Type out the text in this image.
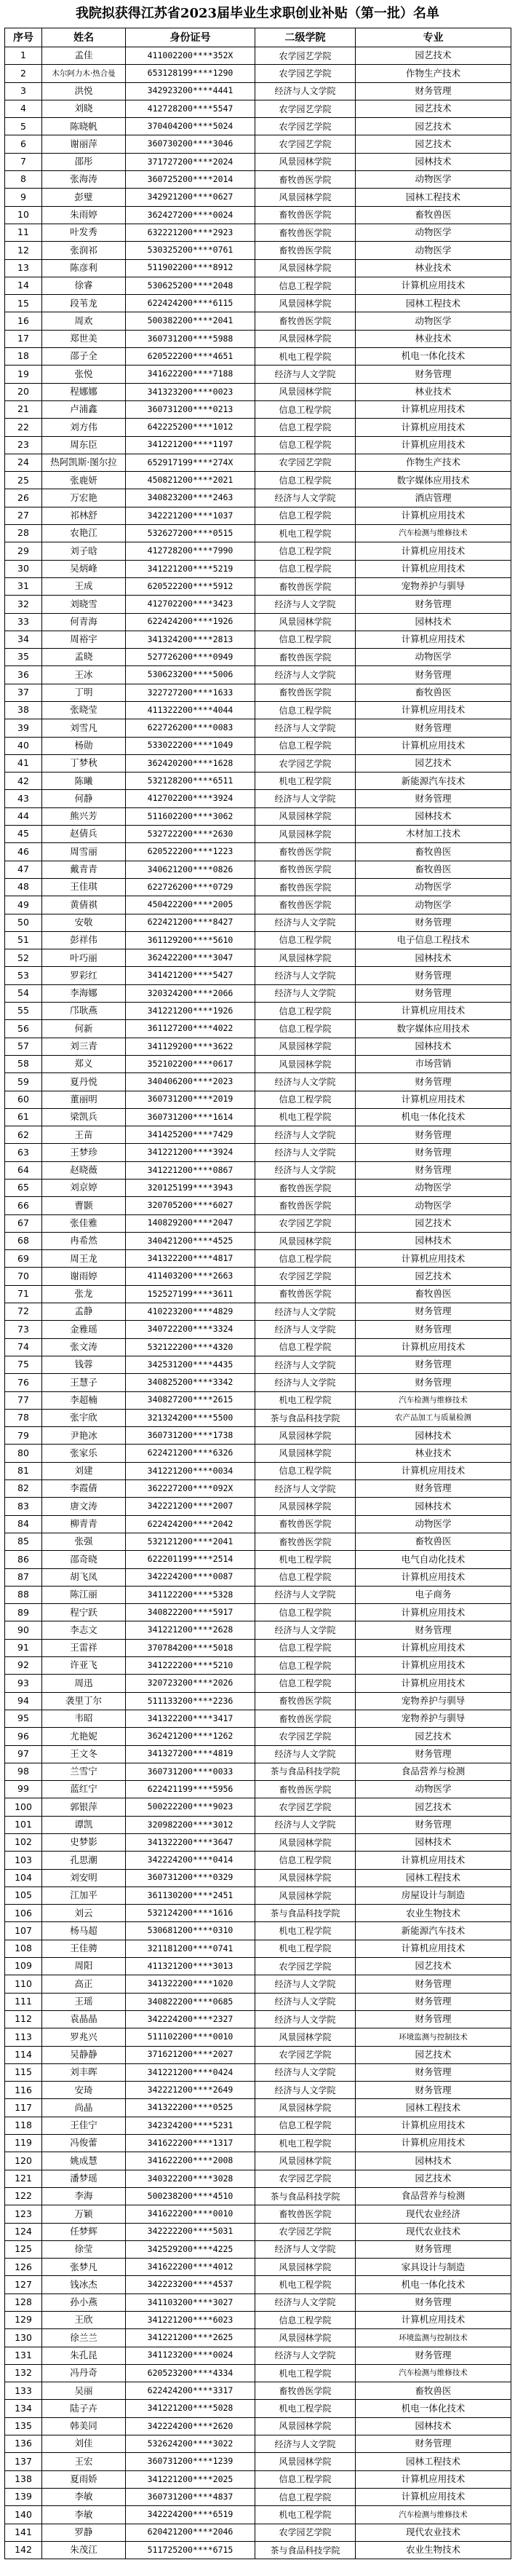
我院拟获得江苏省2023届毕业生求职创业补贴（第一批）名单
序号	姓名	身份证号	二级学院	专业
1	孟佳	411002200****352X	农学园艺学院	园艺技术
2	木尔阿力木·热合曼	653128199****1290	农学园艺学院	作物生产技术
3	洪悦	342923200****4441	经济与人文学院	财务管理
4	刘晓	412728200****5547	农学园艺学院	园艺技术
5	陈晓帆	370404200****5024	农学园艺学院	园艺技术
6	谢丽萍	360730200****3046	农学园艺学院	园艺技术
7	邵彤	371727200****2024	风景园林学院	园林技术
8	张海涛	360725200****2014	畜牧兽医学院	动物医学
9	彭璧	342921200****0627	风景园林学院	园林工程技术
10	朱雨婷	362427200****0024	畜牧兽医学院	畜牧兽医
11	叶发秀	632221200****2923	畜牧兽医学院	动物医学
12	张润祁	530325200****0761	畜牧兽医学院	动物医学
13	陈彦利	511902200****8912	风景园林学院	林业技术
14	徐睿	530625200****2048	信息工程学院	计算机应用技术
15	段苇龙	622424200****6115	风景园林学院	园林工程技术
16	周欢	500382200****2041	畜牧兽医学院	动物医学
17	郑世美	360731200****5988	风景园林学院	林业技术
18	邵子全	620522200****4651	机电工程学院	机电一体化技术
19	张悦	341622200****7188	经济与人文学院	财务管理
20	程娜娜	341323200****0023	风景园林学院	林业技术
21	卢浦鑫	360731200****0213	信息工程学院	计算机应用技术
22	刘方伟	642225200****1012	信息工程学院	计算机应用技术
23	周东臣	341221200****1197	信息工程学院	计算机应用技术
24	热阿凯斯·图尔拉	652917199****274X	农学园艺学院	作物生产技术
25	张鹿妍	450821200****2021	信息工程学院	数字媒体应用技术
26	万宏艳	340823200****2463	经济与人文学院	酒店管理
27	祁林舒	342221200****1037	信息工程学院	计算机应用技术
28	农艳江	532627200****0515	机电工程学院	汽车检测与维修技术
29	刘子晗	412728200****7990	信息工程学院	计算机应用技术
30	吴炳峰	341221200****5219	信息工程学院	计算机应用技术
31	王成	620522200****5912	畜牧兽医学院	宠物养护与驯导
32	刘晓雪	412702200****3423	经济与人文学院	财务管理
33	何青海	622424200****1926	风景园林学院	园林技术
34	周裕宇	341324200****2813	信息工程学院	计算机应用技术
35	孟晓	527726200****0949	畜牧兽医学院	动物医学
36	王冰	530623200****5006	经济与人文学院	财务管理
37	丁明	322727200****1633	畜牧兽医学院	畜牧兽医
38	张晓莹	411322200****4044	信息工程学院	计算机应用技术
39	刘雪凡	622726200****0083	经济与人文学院	财务管理
40	杨勋	533022200****1049	信息工程学院	计算机应用技术
41	丁梦秋	362420200****1628	农学园艺学院	园艺技术
42	陈曦	532128200****6511	机电工程学院	新能源汽车技术
43	何静	412702200****3924	经济与人文学院	财务管理
44	熊兴芳	511602200****3062	风景园林学院	园林技术
45	赵倩兵	532722200****2630	风景园林学院	木材加工技术
46	周雪丽	620522200****1223	畜牧兽医学院	畜牧兽医
47	戴青青	340621200****0826	畜牧兽医学院	畜牧兽医
48	王佳琪	622726200****0729	畜牧兽医学院	动物医学
49	黄倩祺	450422200****2005	畜牧兽医学院	动物医学
50	安敬	622421200****8427	经济与人文学院	财务管理
51	彭祥伟	361129200****5610	信息工程学院	电子信息工程技术
52	叶巧丽	362422200****3047	风景园林学院	园林技术
53	罗彩红	341421200****5427	经济与人文学院	财务管理
54	李海娜	320324200****2066	经济与人文学院	财务管理
55	邝耿燕	341221200****1926	信息工程学院	计算机应用技术
56	何新	361127200****4022	信息工程学院	数字媒体应用技术
57	刘三青	341129200****3622	风景园林学院	园林技术
58	郑义	352102200****0617	风景园林学院	市场营销
59	夏丹悦	340406200****2023	经济与人文学院	财务管理
60	董丽明	360731200****2019	信息工程学院	计算机应用技术
61	梁凯兵	360731200****1614	机电工程学院	机电一体化技术
62	王苗	341425200****7429	经济与人文学院	财务管理
63	王梦珍	341221200****3924	经济与人文学院	财务管理
64	赵晓薇	341221200****0867	经济与人文学院	财务管理
65	刘京婷	320125199****3943	畜牧兽医学院	动物医学
66	曹颢	320705200****6027	畜牧兽医学院	动物医学
67	张佳雅	140829200****2047	农学园艺学院	园艺技术
68	冉希然	340421200****4525	风景园林学院	园林技术
69	周王龙	341322200****4817	信息工程学院	计算机应用技术
70	谢雨婷	411403200****2663	农学园艺学院	园艺技术
71	张龙	152527199****3611	畜牧兽医学院	畜牧兽医
72	孟静	410223200****4829	经济与人文学院	财务管理
73	金雅瑶	340722200****3324	经济与人文学院	财务管理
74	张文涛	532122200****4320	信息工程学院	计算机应用技术
75	钱蓉	342531200****4435	经济与人文学院	财务管理
76	王慧子	340825200****3342	经济与人文学院	财务管理
77	李超楠	340827200****2615	机电工程学院	汽车检测与维修技术
78	张宇欣	321324200****5500	茶与食品科技学院	农产品加工与质量检测
79	尹艳冰	360731200****1738	风景园林学院	园林技术
80	张家乐	622421200****6326	风景园林学院	林业技术
81	刘建	341221200****0034	信息工程学院	计算机应用技术
82	李霞倩	362227200****092X	经济与人文学院	财务管理
83	唐文涛	342221200****2007	风景园林学院	园林技术
84	柳青青	622424200****2042	畜牧兽医学院	动物医学
85	张强	532121200****2041	畜牧兽医学院	畜牧兽医
86	邵奇晓	622201199****2514	机电工程学院	电气自动化技术
87	胡飞凤	342224200****0087	信息工程学院	计算机应用技术
88	陈江丽	341122200****5328	经济与人文学院	电子商务
89	程宁跃	340822200****5917	信息工程学院	计算机应用技术
90	李志文	341221200****2628	经济与人文学院	财务管理
91	王雷祥	370784200****5018	信息工程学院	计算机应用技术
92	许亚飞	341222200****5210	信息工程学院	计算机应用技术
93	周迅	320723200****2026	信息工程学院	计算机应用技术
94	袭里丁尔	511133200****2236	畜牧兽医学院	宠物养护与驯导
95	韦昭	341322200****3417	畜牧兽医学院	宠物养护与驯导
96	尤艳妮	362421200****1262	农学园艺学院	园艺技术
97	王文冬	341327200****4819	经济与人文学院	财务管理
98	兰雪宁	360731200****0033	茶与食品科技学院	食品营养与检测
99	蓝红宁	622421199****5956	畜牧兽医学院	动物医学
100	郭银萍	500222200****9023	农学园艺学院	园艺技术
101	谭凯	320982200****3012	经济与人文学院	财务管理
102	史梦影	341322200****3647	风景园林学院	园林技术
103	孔思潮	342224200****0414	信息工程学院	计算机应用技术
104	刘安明	360731200****0329	风景园林学院	园林工程技术
105	江加平	361130200****2451	风景园林学院	房屋设计与制造
106	刘云	532124200****1616	茶与食品科技学院	农业生物技术
107	杨马超	530681200****0310	机电工程学院	新能源汽车技术
108	王佳骋	321181200****0741	机电工程学院	计算机应用技术
109	周阳	411321200****3013	农学园艺学院	园艺技术
110	高正	341322200****1020	经济与人文学院	财务管理
111	王瑶	340822200****0685	经济与人文学院	财务管理
112	袁晶晶	342224200****2327	经济与人文学院	财务管理
113	罗兆兴	511102200****0010	风景园林学院	环境监测与控制技术
114	吴静静	371621200****2027	农学园艺学院	园艺技术
115	刘丰晖	341221200****0424	经济与人文学院	财务管理
116	安琦	342221200****2649	经济与人文学院	财务管理
117	尚晶	341322200****0525	风景园林学院	园林工程技术
118	王佳宁	342324200****5231	信息工程学院	计算机应用技术
119	冯俊蕾	341622200****1317	机电工程学院	计算机应用技术
120	姚成慧	341622200****2008	风景园林学院	园林技术
121	潘梦瑶	340322200****3028	农学园艺学院	园艺技术
122	李海	500238200****4510	茶与食品科技学院	食品营养与检测
123	万颖	341622200****0010	畜牧兽医学院	现代农业经济
124	任梦辉	342222200****5031	农学园艺学院	现代农业技术
125	徐莹	342529200****4225	经济与人文学院	财务管理
126	张梦凡	341622200****4012	风景园林学院	家具设计与制造
127	钱冰杰	342223200****4537	机电工程学院	机电一体化技术
128	孙小燕	341103200****3027	经济与人文学院	财务管理
129	王欣	341221200****6023	信息工程学院	计算机应用技术
130	徐兰兰	341221200****2625	风景园林学院	环境监测与控制技术
131	朱孔昆	341123200****0024	经济与人文学院	财务管理
132	冯丹奇	620523200****4334	机电工程学院	汽车检测与维修技术
133	吴丽	622424200****3317	畜牧兽医学院	畜牧兽医
134	陆子卉	341221200****5028	机电工程学院	机电一体化技术
135	韩美同	342224200****2620	风景园林学院	园林技术
136	刘佳	532624200****3022	经济与人文学院	财务管理
137	王宏	360731200****1239	风景园林学院	园林工程技术
138	夏雨娇	341221200****2025	信息工程学院	计算机应用技术
139	李敏	360731200****4837	信息工程学院	计算机应用技术
140	李敏	342224200****6519	机电工程学院	汽车检测与维修技术
141	罗静	620421200****2046	农学园艺学院	现代农业技术
142	朱茂江	511725200****6715	茶与食品科技学院	农业生物技术
